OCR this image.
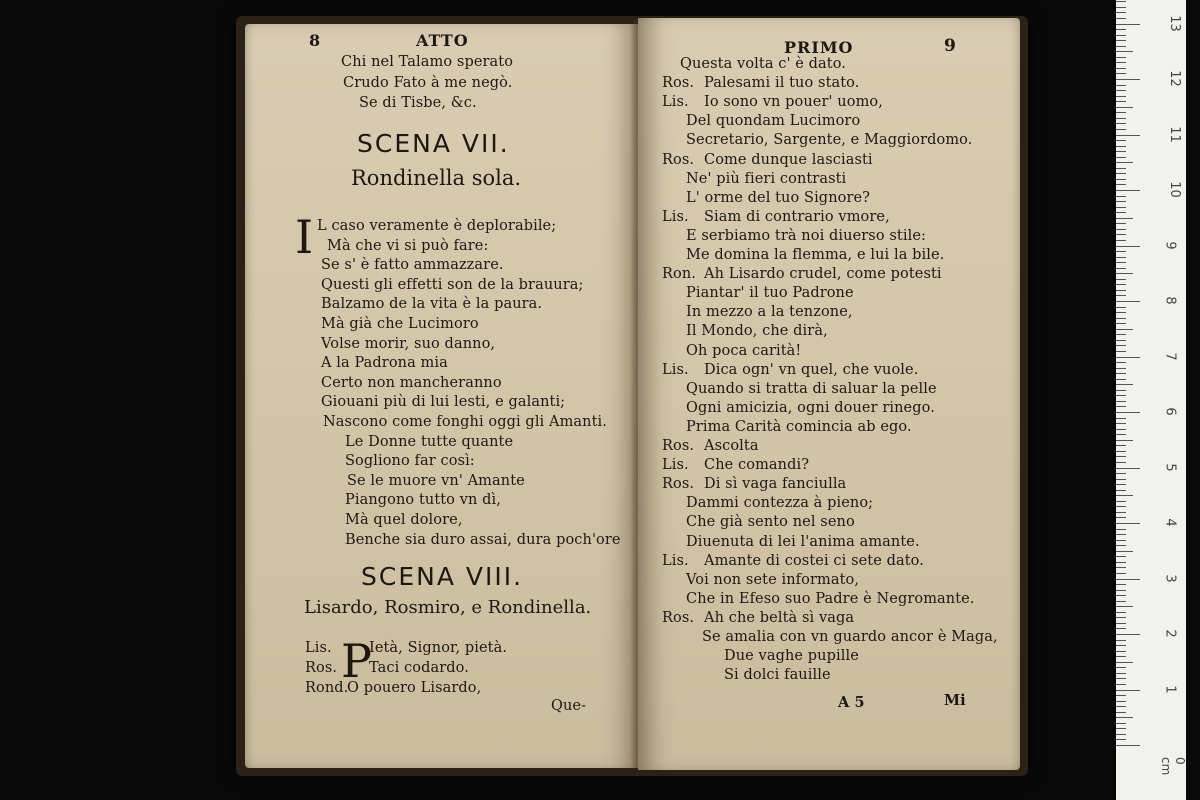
8	ATTO
Chi nel Talamo sperato
Crudo Fato à me negò.
Se di Tisbe, &c.
SCENA VII.
Rondinella sola.
I L caso veramente è deplorabile;
Mà che vi si può fare:
Se s' è fatto ammazzare.
Questi gli effetti son de la brauura;
Balzamo de la vita è la paura.
Mà già che Lucimoro
Volse morir, suo danno,
A la Padrona mia
Certo non mancheranno
Giouani più di lui lesti, e galanti;
Nascono come fonghi oggi gli Amanti.
Le Donne tutte quante
Sogliono far così:
Se le muore vn' Amante
Piangono tutto vn dì,
Mà quel dolore,
Benche sia duro assai, dura poch'ore
SCENA VIII.
Lisardo, Rosmiro, e Rondinella.
P
Lis.	Ietà, Signor, pietà.
Ros. Taci codardo.
Rond.
O pouero Lisardo,
Que-
PRIMO	9
Questa volta c' è dato.
Ros. Palesami il tuo stato.
Lis. Io sono vn pouer' uomo,
Del quondam Lucimoro
Secretario, Sargente, e Maggiordomo.
Ros. Come dunque lasciasti
Ne' più fieri contrasti
L' orme del tuo Signore?
Lis. Siam di contrario vmore,
E serbiamo trà noi diuerso stile:
Me domina la flemma, e lui la bile.
Ron. Ah Lisardo crudel, come potesti
Piantar' il tuo Padrone
In mezzo a la tenzone,
Il Mondo, che dirà,
Oh poca carità!
Lis. Dica ogn' vn quel, che vuole.
Quando si tratta di saluar la pelle
Ogni amicizia, ogni douer rinego.
Prima Carità comincia ab ego.
Ros. Ascolta
Lis. Che comandi?
Ros. Di sì vaga fanciulla
Dammi contezza à pieno;
Che già sento nel seno
Diuenuta di lei l'anima amante.
Lis. Amante di costei ci sete dato.
Voi non sete informato,
Che in Efeso suo Padre è Negromante.
Ros. Ah che beltà sì vaga
Se amalia con vn guardo ancor è Maga,
Due vaghe pupille
Si dolci fauille
A 5	Mi
0 cm
1
2
3
4
5
6
7
8
9
10
11
12
13
